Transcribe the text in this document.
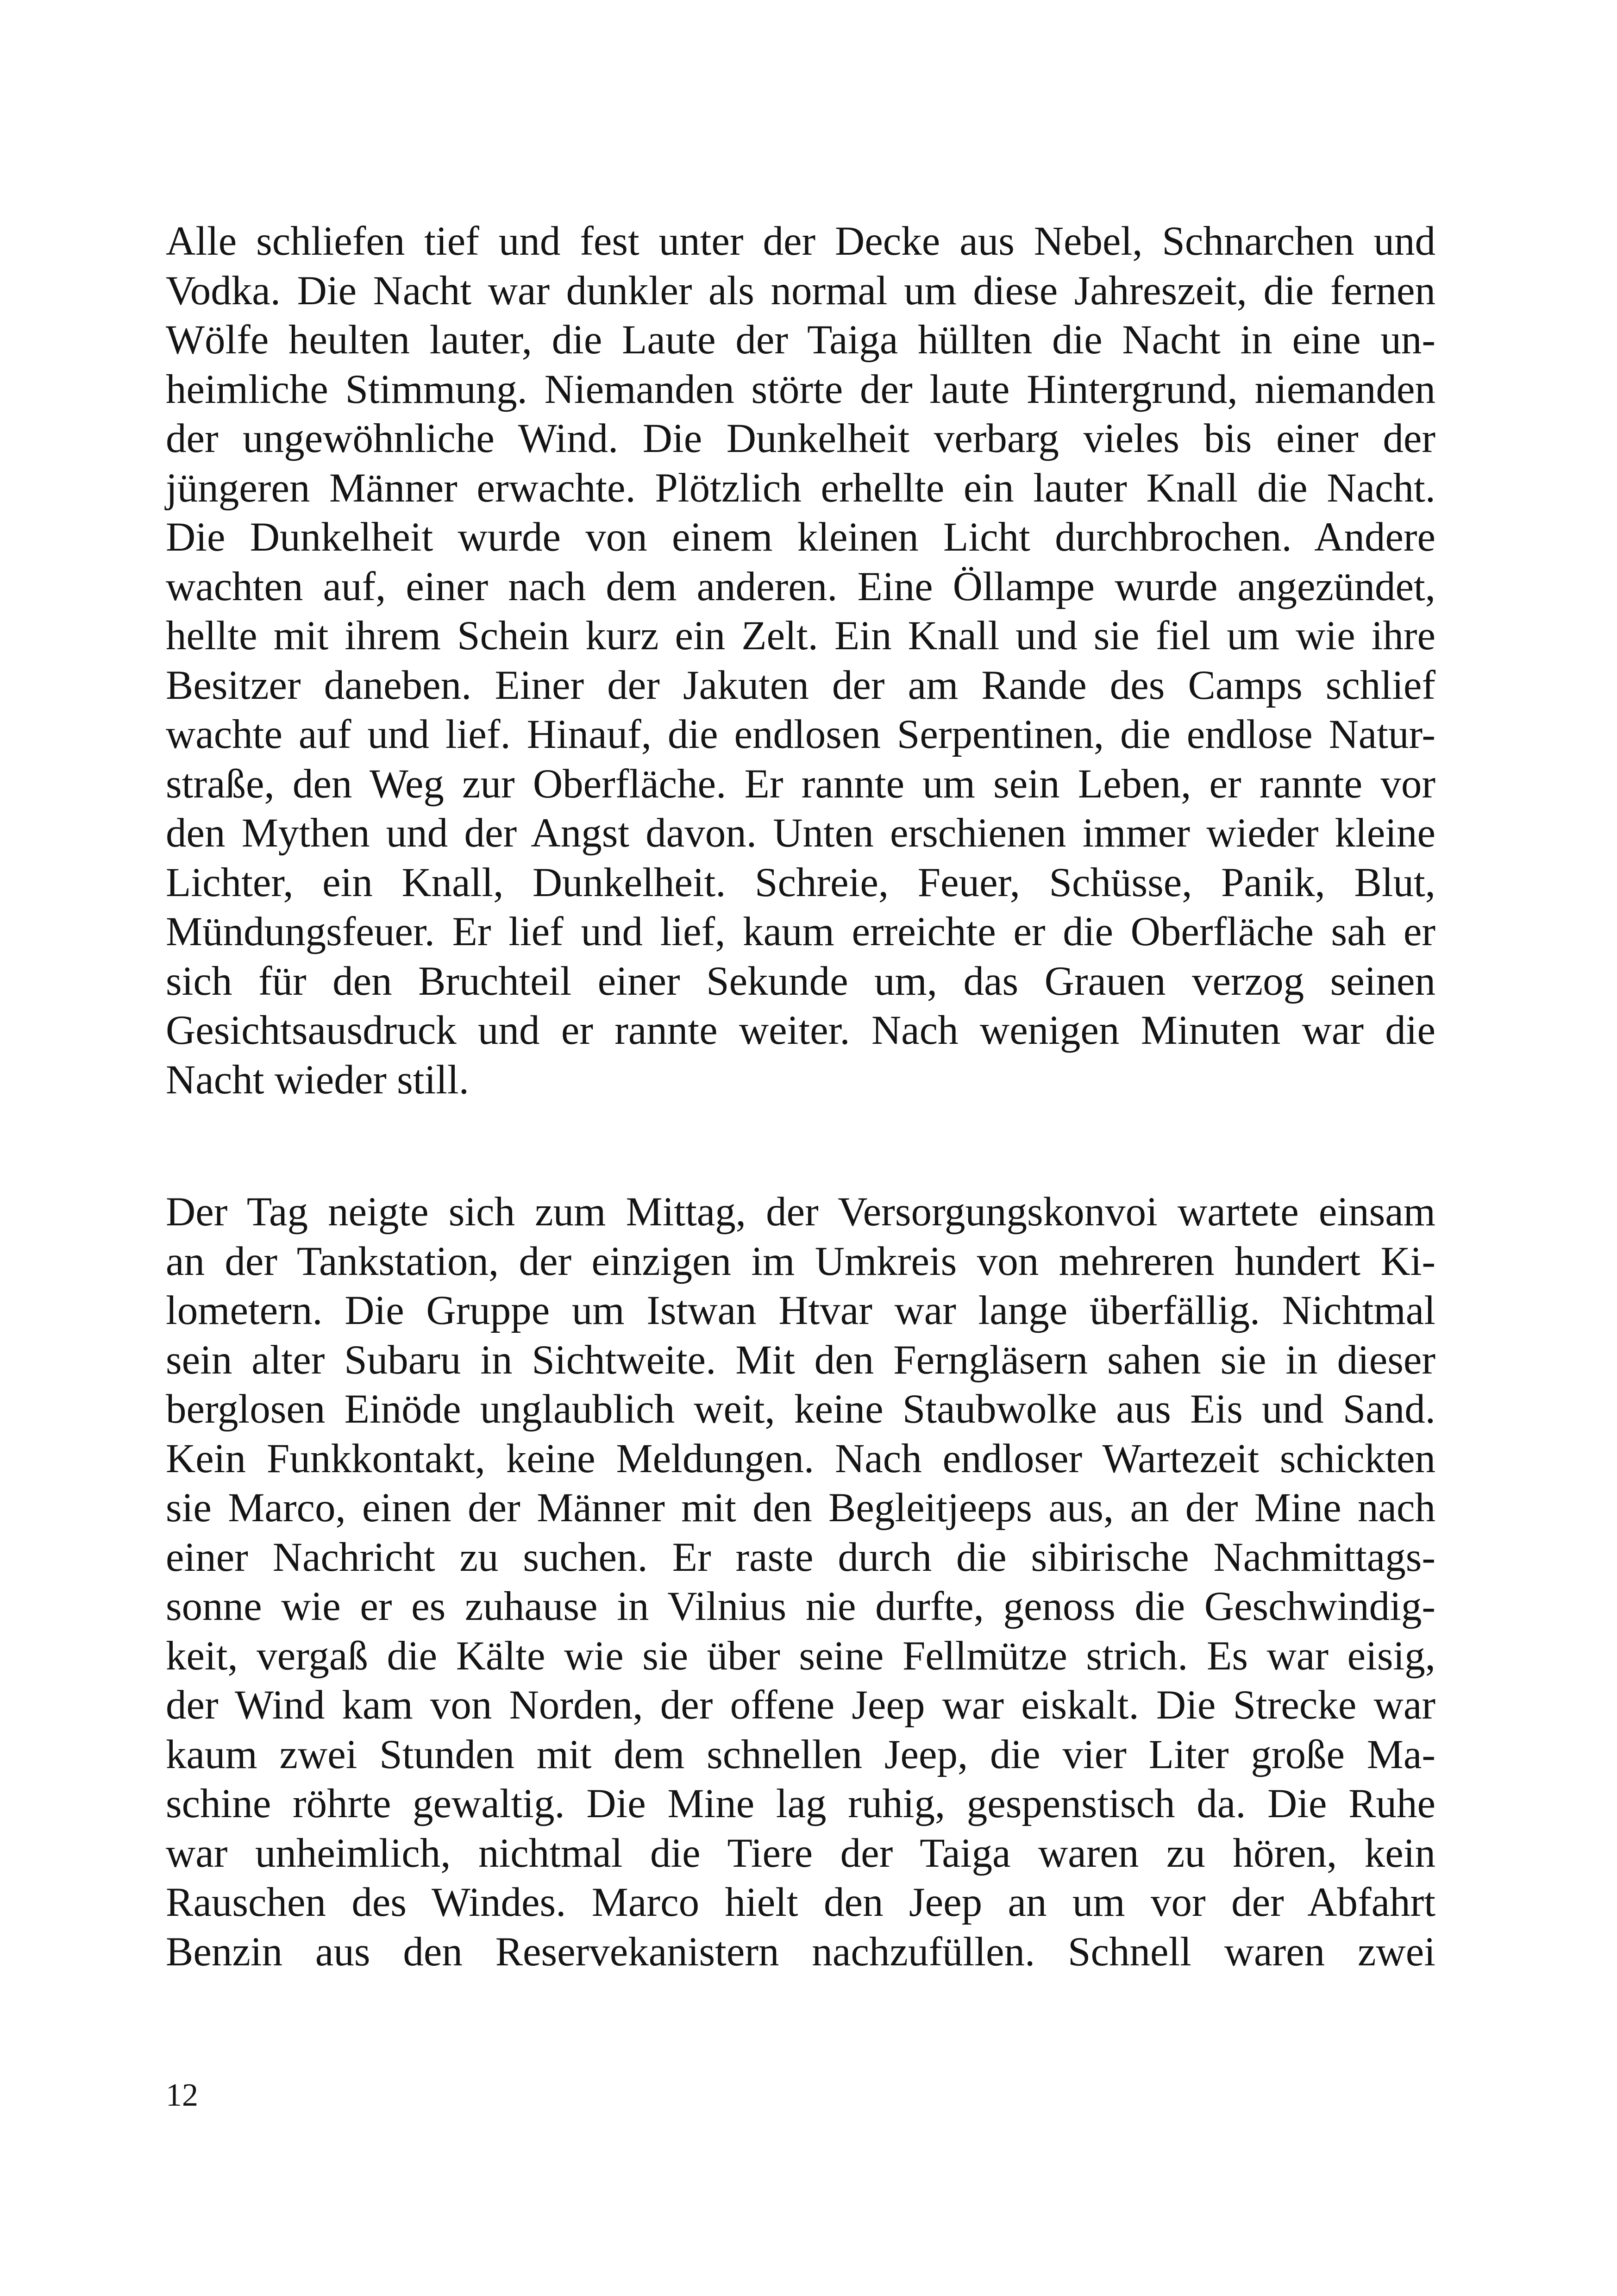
Alle schliefen tief und fest unter der Decke aus Nebel, Schnarchen und
Vodka. Die Nacht war dunkler als normal um diese Jahreszeit, die fernen
Wölfe heulten lauter, die Laute der Taiga hüllten die Nacht in eine un-
heimliche Stimmung. Niemanden störte der laute Hintergrund, niemanden
der ungewöhnliche Wind. Die Dunkelheit verbarg vieles bis einer der
jüngeren Männer erwachte. Plötzlich erhellte ein lauter Knall die Nacht.
Die Dunkelheit wurde von einem kleinen Licht durchbrochen. Andere
wachten auf, einer nach dem anderen. Eine Öllampe wurde angezündet,
hellte mit ihrem Schein kurz ein Zelt. Ein Knall und sie fiel um wie ihre
Besitzer daneben. Einer der Jakuten der am Rande des Camps schlief
wachte auf und lief. Hinauf, die endlosen Serpentinen, die endlose Natur-
straße, den Weg zur Oberfläche. Er rannte um sein Leben, er rannte vor
den Mythen und der Angst davon. Unten erschienen immer wieder kleine
Lichter, ein Knall, Dunkelheit. Schreie, Feuer, Schüsse, Panik, Blut,
Mündungsfeuer. Er lief und lief, kaum erreichte er die Oberfläche sah er
sich für den Bruchteil einer Sekunde um, das Grauen verzog seinen
Gesichtsausdruck und er rannte weiter. Nach wenigen Minuten war die
Nacht wieder still.
Der Tag neigte sich zum Mittag, der Versorgungskonvoi wartete einsam
an der Tankstation, der einzigen im Umkreis von mehreren hundert Ki-
lometern. Die Gruppe um Istwan Htvar war lange überfällig. Nichtmal
sein alter Subaru in Sichtweite. Mit den Ferngläsern sahen sie in dieser
berglosen Einöde unglaublich weit, keine Staubwolke aus Eis und Sand.
Kein Funkkontakt, keine Meldungen. Nach endloser Wartezeit schickten
sie Marco, einen der Männer mit den Begleitjeeps aus, an der Mine nach
einer Nachricht zu suchen. Er raste durch die sibirische Nachmittags-
sonne wie er es zuhause in Vilnius nie durfte, genoss die Geschwindig-
keit, vergaß die Kälte wie sie über seine Fellmütze strich. Es war eisig,
der Wind kam von Norden, der offene Jeep war eiskalt. Die Strecke war
kaum zwei Stunden mit dem schnellen Jeep, die vier Liter große Ma-
schine röhrte gewaltig. Die Mine lag ruhig, gespenstisch da. Die Ruhe
war unheimlich, nichtmal die Tiere der Taiga waren zu hören, kein
Rauschen des Windes. Marco hielt den Jeep an um vor der Abfahrt
Benzin aus den Reservekanistern nachzufüllen. Schnell waren zwei
12
